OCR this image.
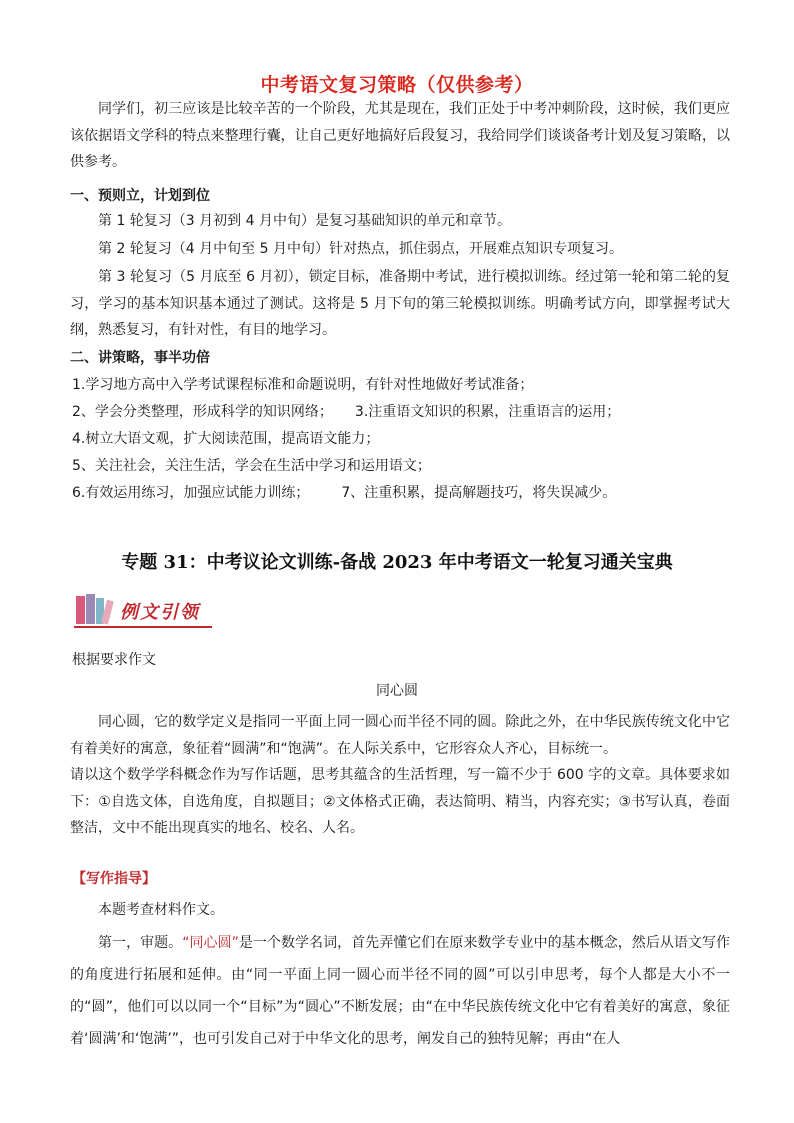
中考语文复习策略（仅供参考）
同学们，初三应该是比较辛苦的一个阶段，尤其是现在，我们正处于中考冲刺阶段，这时候，我们更应该依据语文学科的特点来整理行囊，让自己更好地搞好后段复习，我给同学们谈谈备考计划及复习策略，以供参考。
一、预则立，计划到位
第 1 轮复习（3 月初到 4 月中旬）是复习基础知识的单元和章节。
第 2 轮复习（4 月中旬至 5 月中旬）针对热点，抓住弱点，开展难点知识专项复习。
第 3 轮复习（5 月底至 6 月初），锁定目标，准备期中考试，进行模拟训练。经过第一轮和第二轮的复习，学习的基本知识基本通过了测试。这将是 5 月下旬的第三轮模拟训练。明确考试方向，即掌握考试大纲，熟悉复习，有针对性，有目的地学习。
二、讲策略，事半功倍
1.学习地方高中入学考试课程标准和命题说明，有针对性地做好考试准备；
2、学会分类整理，形成科学的知识网络； 3.注重语文知识的积累，注重语言的运用；
4.树立大语文观，扩大阅读范围，提高语文能力；
5、关注社会，关注生活，学会在生活中学习和运用语文；
6.有效运用练习，加强应试能力训练； 7、注重积累，提高解题技巧，将失误减少。
专题 31：中考议论文训练-备战 2023 年中考语文一轮复习通关宝典
例文引领
根据要求作文
同心圆
同心圆，它的数学定义是指同一平面上同一圆心而半径不同的圆。除此之外，在中华民族传统文化中它有着美好的寓意，象征着“圆满”和“饱满”。在人际关系中，它形容众人齐心，目标统一。
请以这个数学学科概念作为写作话题，思考其蕴含的生活哲理，写一篇不少于 600 字的文章。具体要求如下：①自选文体，自选角度，自拟题目；②文体格式正确，表达简明、精当，内容充实；③书写认真，卷面整洁，文中不能出现真实的地名、校名、人名。
【写作指导】
本题考查材料作文。
第一，审题。“同心圆”是一个数学名词，首先弄懂它们在原来数学专业中的基本概念，然后从语文写作的角度进行拓展和延伸。由“同一平面上同一圆心而半径不同的圆”可以引申思考，每个人都是大小不一的“圆”，他们可以以同一个“目标”为“圆心”不断发展；由“在中华民族传统文化中它有着美好的寓意，象征着‘圆满’和‘饱满’”，也可引发自己对于中华文化的思考，阐发自己的独特见解；再由“在人
